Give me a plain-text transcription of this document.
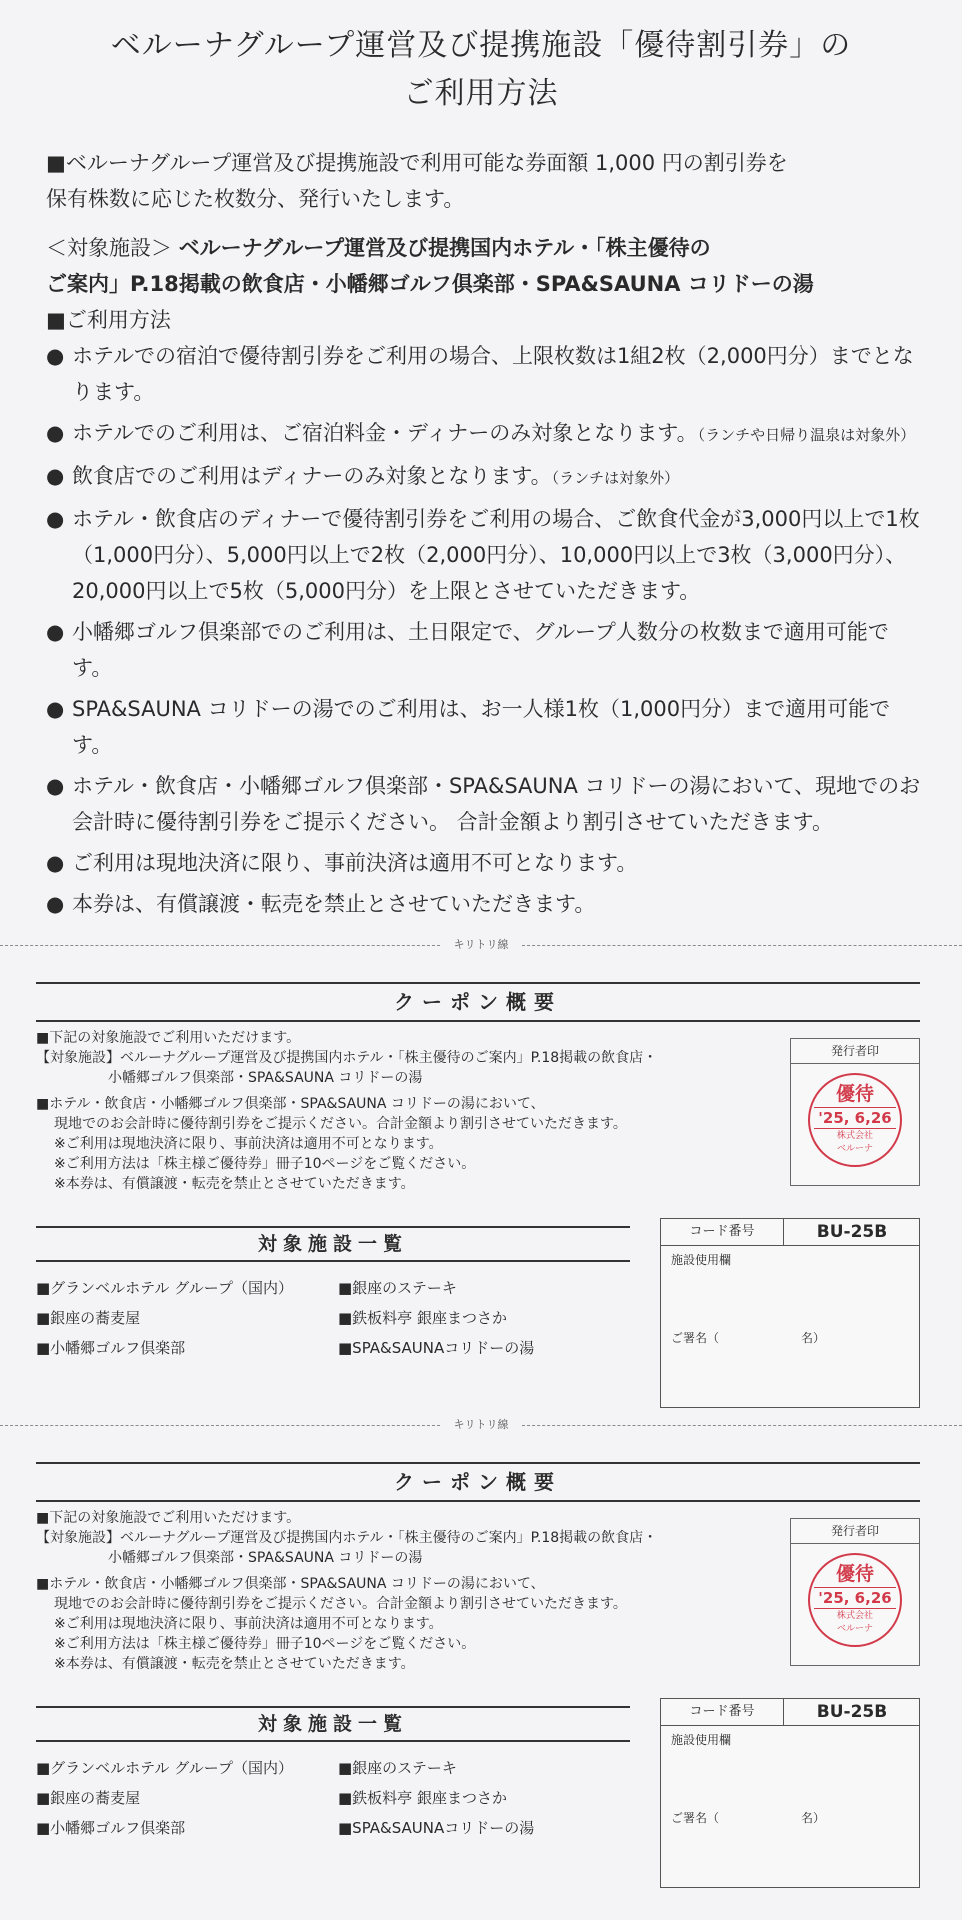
ベルーナグループ運営及び提携施設「優待割引券」の
ご利用方法
■ベルーナグループ運営及び提携施設で利用可能な券面額 1,000 円の割引券を
保有株数に応じた枚数分、発行いたします。
＜対象施設＞ ベルーナグループ運営及び提携国内ホテル・「株主優待の
ご案内」P.18掲載の飲食店・小幡郷ゴルフ倶楽部・SPA&SAUNA コリドーの湯
■ご利用方法
● ホテルでの宿泊で優待割引券をご利用の場合、上限枚数は1組2枚（2,000円分）までとなります。
● ホテルでのご利用は、ご宿泊料金・ディナーのみ対象となります。（ランチや日帰り温泉は対象外）
● 飲食店でのご利用はディナーのみ対象となります。（ランチは対象外）
● ホテル・飲食店のディナーで優待割引券をご利用の場合、ご飲食代金が3,000円以上で1枚（1,000円分）、5,000円以上で2枚（2,000円分）、10,000円以上で3枚（3,000円分）、20,000円以上で5枚（5,000円分）を上限とさせていただきます。
● 小幡郷ゴルフ倶楽部でのご利用は、土日限定で、グループ人数分の枚数まで適用可能です。
● SPA&SAUNA コリドーの湯でのご利用は、お一人様1枚（1,000円分）まで適用可能です。
● ホテル・飲食店・小幡郷ゴルフ倶楽部・SPA&SAUNA コリドーの湯において、現地でのお会計時に優待割引券をご提示ください。 合計金額より割引させていただきます。
● ご利用は現地決済に限り、事前決済は適用不可となります。
● 本券は、有償譲渡・転売を禁止とさせていただきます。
キリトリ線
クーポン概要
■下記の対象施設でご利用いただけます。
【対象施設】ベルーナグループ運営及び提携国内ホテル・「株主優待のご案内」P.18掲載の飲食店・
小幡郷ゴルフ倶楽部・SPA&SAUNA コリドーの湯
■ホテル・飲食店・小幡郷ゴルフ倶楽部・SPA&SAUNA コリドーの湯において、
現地でのお会計時に優待割引券をご提示ください。合計金額より割引させていただきます。
※ご利用は現地決済に限り、事前決済は適用不可となります。
※ご利用方法は「株主様ご優待券」冊子10ページをご覧ください。
※本券は、有償譲渡・転売を禁止とさせていただきます。
発行者印
優待
'25, 6,26
株式会社
ベルーナ
対象施設一覧
■グランベルホテル グループ（国内）	■銀座のステーキ
■銀座の蕎麦屋	■鉄板料亭 銀座まつさか
■小幡郷ゴルフ倶楽部	■SPA&SAUNAコリドーの湯
コード番号	BU-25B
施設使用欄
ご署名（	名）
キリトリ線
クーポン概要
■下記の対象施設でご利用いただけます。
【対象施設】ベルーナグループ運営及び提携国内ホテル・「株主優待のご案内」P.18掲載の飲食店・
小幡郷ゴルフ倶楽部・SPA&SAUNA コリドーの湯
■ホテル・飲食店・小幡郷ゴルフ倶楽部・SPA&SAUNA コリドーの湯において、
現地でのお会計時に優待割引券をご提示ください。合計金額より割引させていただきます。
※ご利用は現地決済に限り、事前決済は適用不可となります。
※ご利用方法は「株主様ご優待券」冊子10ページをご覧ください。
※本券は、有償譲渡・転売を禁止とさせていただきます。
発行者印
優待
'25, 6,26
株式会社
ベルーナ
対象施設一覧
■グランベルホテル グループ（国内）	■銀座のステーキ
■銀座の蕎麦屋	■鉄板料亭 銀座まつさか
■小幡郷ゴルフ倶楽部	■SPA&SAUNAコリドーの湯
コード番号	BU-25B
施設使用欄
ご署名（	名）
